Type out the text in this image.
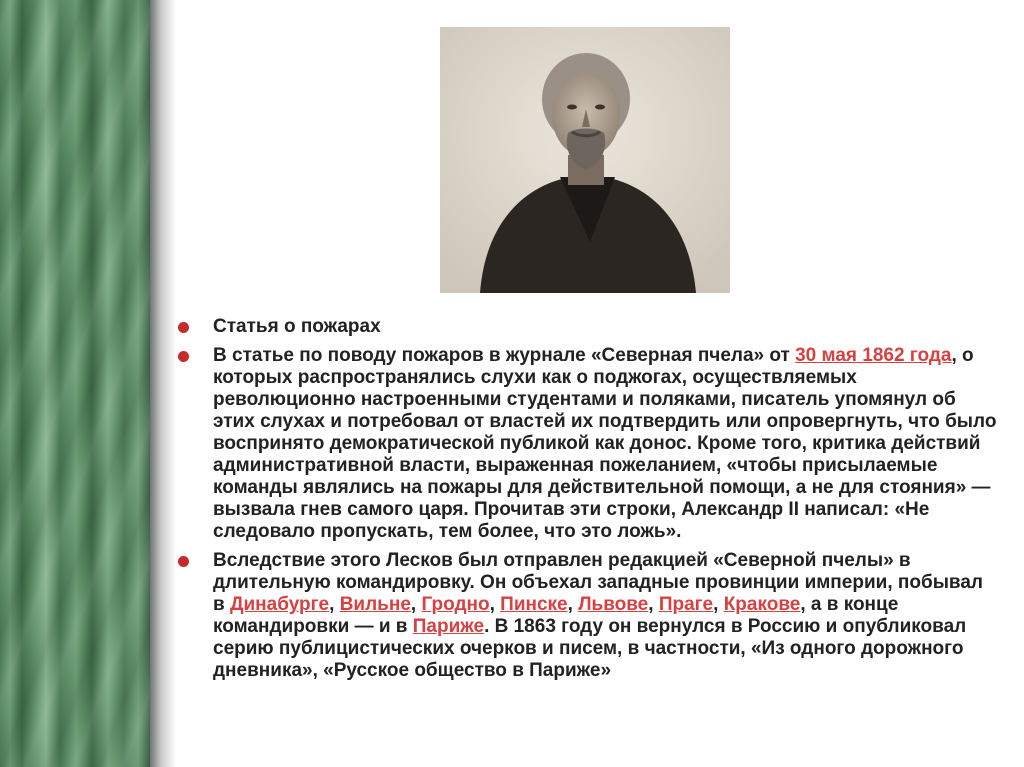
Статья о пожарах
В статье по поводу пожаров в журнале «Северная пчела» от 30 мая 1862 года, о которых распространялись слухи как о поджогах, осуществляемых революционно настроенными студентами и поляками, писатель упомянул об этих слухах и потребовал от властей их подтвердить или опровергнуть, что было воспринято демократической публикой как донос. Кроме того, критика действий административной власти, выраженная пожеланием, «чтобы присылаемые команды являлись на пожары для действительной помощи, а не для стояния» — вызвала гнев самого царя. Прочитав эти строки, Александр II написал: «Не следовало пропускать, тем более, что это ложь».
Вследствие этого Лесков был отправлен редакцией «Северной пчелы» в длительную командировку. Он объехал западные провинции империи, побывал в Динабурге, Вильне, Гродно, Пинске, Львове, Праге, Кракове, а в конце командировки — и в Париже. В 1863 году он вернулся в Россию и опубликовал серию публицистических очерков и писем, в частности, «Из одного дорожного дневника», «Русское общество в Париже»
